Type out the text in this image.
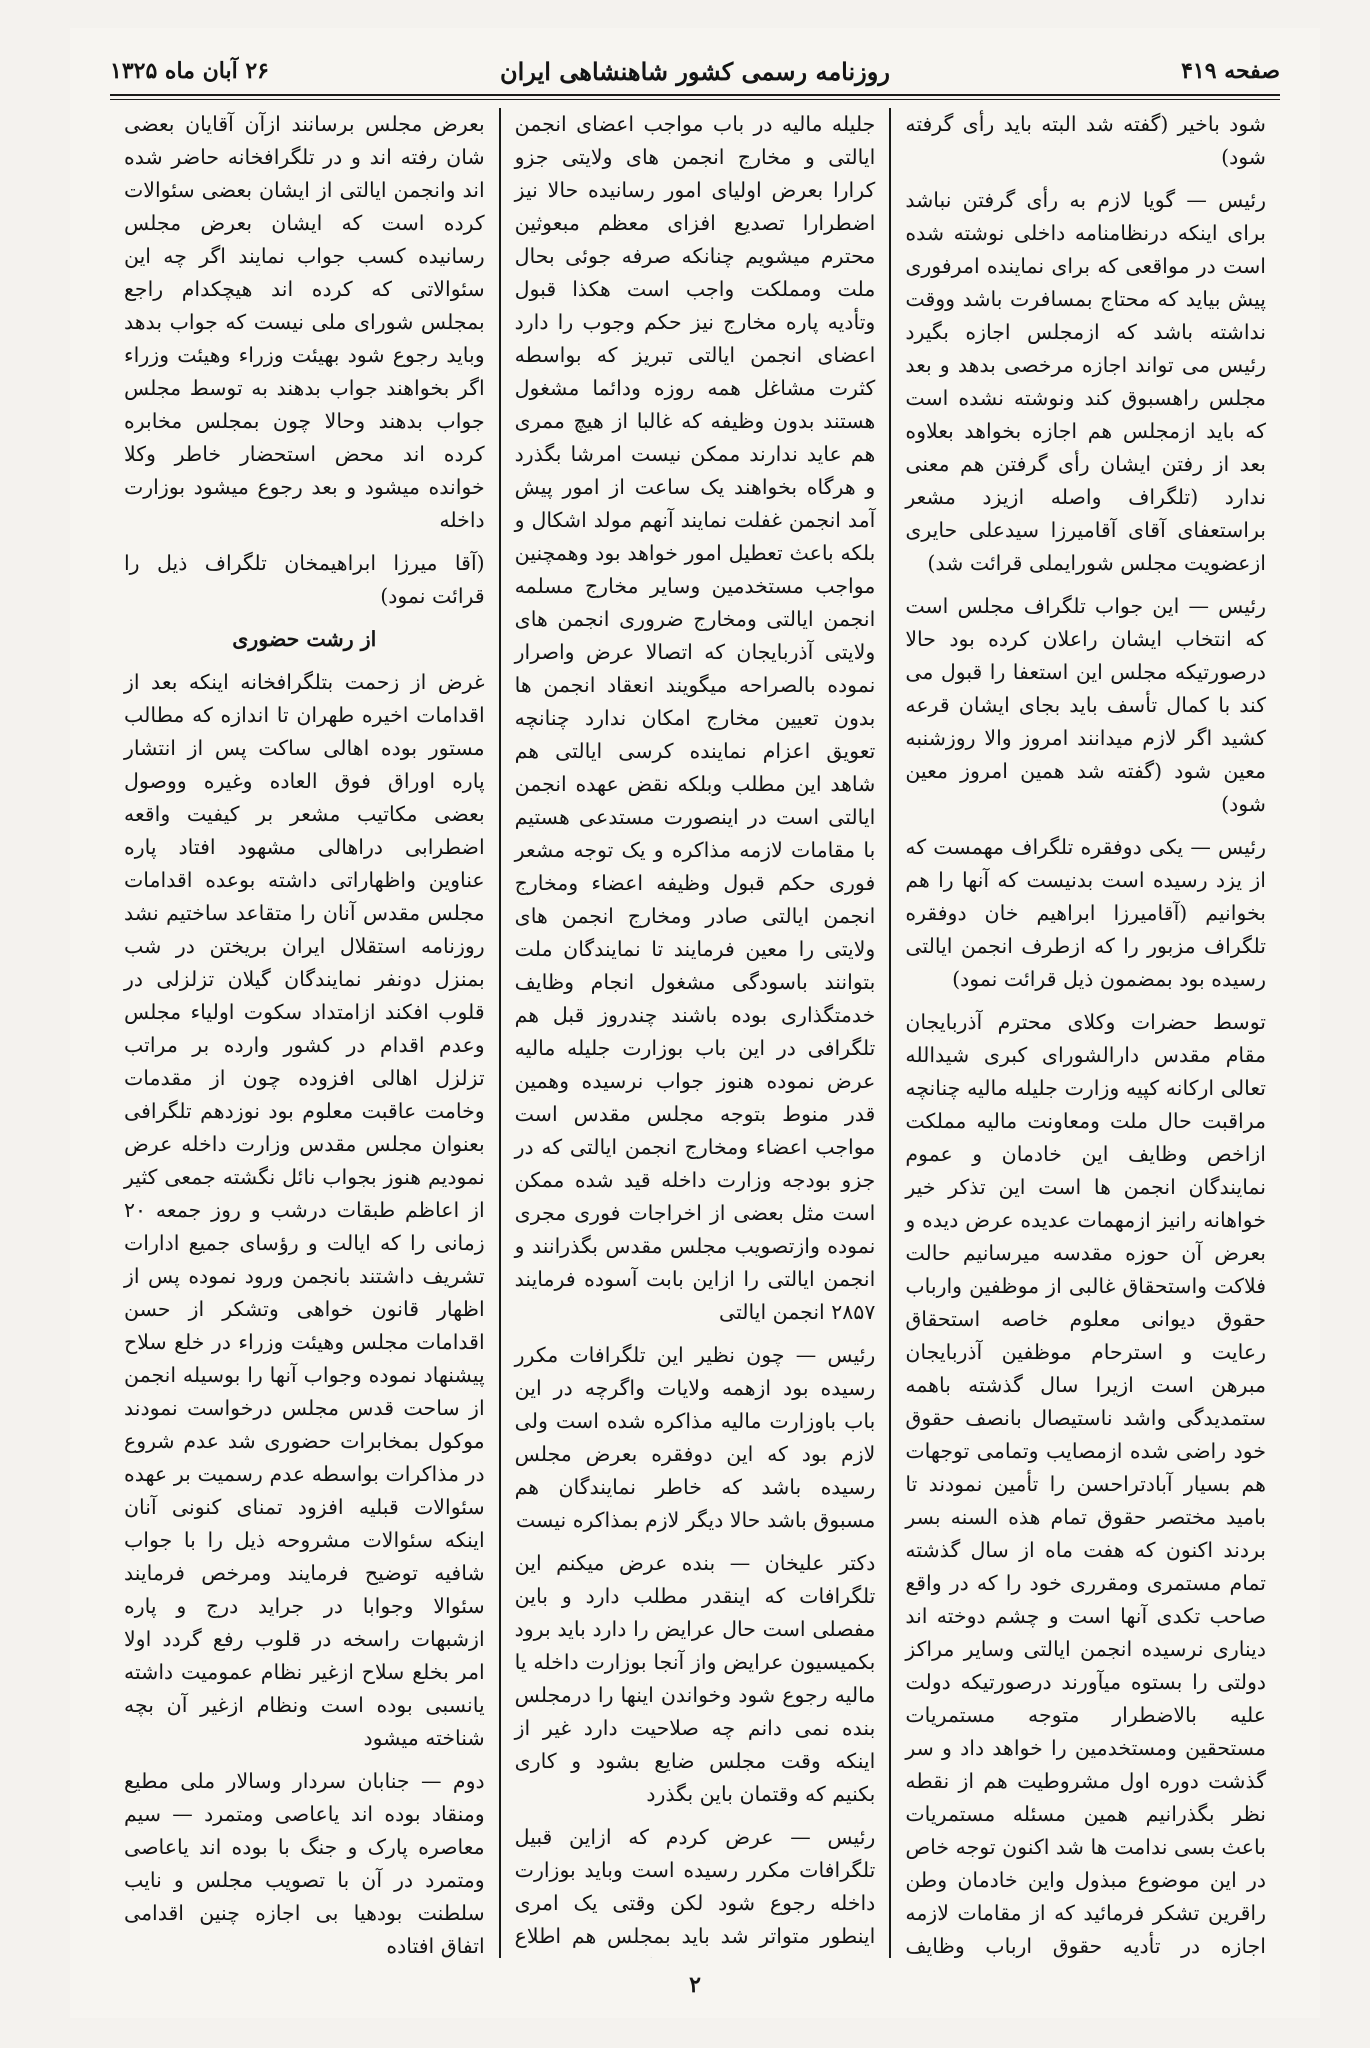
صفحه ۴۱۹
روزنامه رسمی کشور شاهنشاهی ایران
۲۶ آبان ماه ۱۳۲۵

شود باخیر (گفته شد البته باید رأی گرفته شود)

رئیس — گویا لازم به رأی گرفتن نباشد برای اینکه درنظامنامه داخلی نوشته شده است در مواقعی که برای نماینده امرفوری پیش بیاید که محتاج بمسافرت باشد ووقت نداشته باشد که ازمجلس اجازه بگیرد رئیس می تواند اجازه مرخصی بدهد و بعد مجلس راهسبوق کند ونوشته نشده است که باید ازمجلس هم اجازه بخواهد بعلاوه بعد از رفتن ایشان رأی گرفتن هم معنی ندارد (تلگراف واصله ازیزد مشعر براستعفای آقای آقامیرزا سیدعلی حایری ازعضویت مجلس شورایملی قرائت شد)

رئیس — این جواب تلگراف مجلس است که انتخاب ایشان راعلان کرده بود حالا درصورتیکه مجلس این استعفا را قبول می کند با کمال تأسف باید بجای ایشان قرعه کشید اگر لازم میدانند امروز والا روزشنبه معین شود (گفته شد همین امروز معین شود)

رئیس — یکی دوفقره تلگراف مهمست که از یزد رسیده است بدنیست که آنها را هم بخوانیم (آقامیرزا ابراهیم خان دوفقره تلگراف مزبور را که ازطرف انجمن ایالتی رسیده بود بمضمون ذیل قرائت نمود)

توسط حضرات وکلای محترم آذربایجان مقام مقدس دارالشورای کبری شیدالله تعالی ارکانه کپیه وزارت جلیله مالیه چنانچه مراقبت حال ملت ومعاونت مالیه مملکت ازاخص وظایف این خادمان و عموم نمایندگان انجمن ها است این تذکر خیر خواهانه رانیز ازمهمات عدیده عرض دیده و بعرض آن حوزه مقدسه میرسانیم حالت فلاکت واستحقاق غالبی از موظفین وارباب حقوق دیوانی معلوم خاصه استحقاق رعایت و استرحام موظفین آذربایجان مبرهن است ازیرا سال گذشته باهمه ستمدیدگی واشد ناستیصال بانصف حقوق خود راضی شده ازمصایب وتمامی توجهات هم بسیار آبادتراحسن را تأمین نمودند تا بامید مختصر حقوق تمام هذه السنه بسر بردند اکنون که هفت ماه از سال گذشته تمام مستمری ومقرری خود را که در واقع صاحب تکدی آنها است و چشم دوخته اند دیناری نرسیده انجمن ایالتی وسایر مراکز دولتی را بستوه میآورند درصورتیکه دولت علیه بالاضطرار متوجه مستمریات مستحقین ومستخدمین را خواهد داد و سر گذشت دوره اول مشروطیت هم از نقطه نظر بگذرانیم همین مسئله مستمریات باعث بسی ندامت ها شد اکنون توجه خاص در این موضوع مبذول واین خادمان وطن راقرین تشکر فرمائید که از مقامات لازمه اجازه در تأدیه حقوق ارباب وظایف

جلیله مالیه در باب مواجب اعضای انجمن ایالتی و مخارج انجمن های ولایتی جزو کرارا بعرض اولیای امور رسانیده حالا نیز اضطرارا تصدیع افزای معظم مبعوثین محترم میشویم چنانکه صرفه جوئی بحال ملت ومملکت واجب است هکذا قبول وتأدیه پاره مخارج نیز حکم وجوب را دارد اعضای انجمن ایالتی تبریز که بواسطه کثرت مشاغل همه روزه ودائما مشغول هستند بدون وظیفه که غالبا از هیچ ممری هم عاید ندارند ممکن نیست امرشا بگذرد و هرگاه بخواهند یک ساعت از امور پیش آمد انجمن غفلت نمایند آنهم مولد اشکال و بلکه باعث تعطیل امور خواهد بود وهمچنین مواجب مستخدمین وسایر مخارج مسلمه انجمن ایالتی ومخارج ضروری انجمن های ولایتی آذربایجان که اتصالا عرض واصرار نموده بالصراحه میگویند انعقاد انجمن ها بدون تعیین مخارج امکان ندارد چنانچه تعویق اعزام نماینده کرسی ایالتی هم شاهد این مطلب وبلکه نقض عهده انجمن ایالتی است در اینصورت مستدعی هستیم با مقامات لازمه مذاکره و یک توجه مشعر فوری حکم قبول وظیفه اعضاء ومخارج انجمن ایالتی صادر ومخارج انجمن های ولایتی را معین فرمایند تا نمایندگان ملت بتوانند باسودگی مشغول انجام وظایف خدمتگذاری بوده باشند چندروز قبل هم تلگرافی در این باب بوزارت جلیله مالیه عرض نموده هنوز جواب نرسیده وهمین قدر منوط بتوجه مجلس مقدس است مواجب اعضاء ومخارج انجمن ایالتی که در جزو بودجه وزارت داخله قید شده ممکن است مثل بعضی از اخراجات فوری مجری نموده وازتصویب مجلس مقدس بگذرانند و انجمن ایالتی را ازاین بابت آسوده فرمایند ۲۸۵۷ انجمن ایالتی

رئیس — چون نظیر این تلگرافات مکرر رسیده بود ازهمه ولایات واگرچه در این باب باوزارت مالیه مذاکره شده است ولی لازم بود که این دوفقره بعرض مجلس رسیده باشد که خاطر نمایندگان هم مسبوق باشد حالا دیگر لازم بمذاکره نیست

دکتر علیخان — بنده عرض میکنم این تلگرافات که اینقدر مطلب دارد و باین مفصلی است حال عرایض را دارد باید برود بکمیسیون عرایض واز آنجا بوزارت داخله یا مالیه رجوع شود وخواندن اینها را درمجلس بنده نمی دانم چه صلاحیت دارد غیر از اینکه وقت مجلس ضایع بشود و کاری بکنیم که وقتمان باین بگذرد

رئیس — عرض کردم که ازاین قبیل تلگرافات مکرر رسیده است وباید بوزارت داخله رجوع شود لکن وقتی یک امری اینطور متواتر شد باید بمجلس هم اطلاع

بعرض مجلس برسانند ازآن آقایان بعضی شان رفته اند و در تلگرافخانه حاضر شده اند وانجمن ایالتی از ایشان بعضی سئوالات کرده است که ایشان بعرض مجلس رسانیده کسب جواب نمایند اگر چه این سئوالاتی که کرده اند هیچکدام راجع بمجلس شورای ملی نیست که جواب بدهد وباید رجوع شود بهیئت وزراء وهیئت وزراء اگر بخواهند جواب بدهند به توسط مجلس جواب بدهند وحالا چون بمجلس مخابره کرده اند محض استحضار خاطر وکلا خوانده میشود و بعد رجوع میشود بوزارت داخله

(آقا میرزا ابراهیمخان تلگراف ذیل را قرائت نمود)

از رشت حضوری

غرض از زحمت بتلگرافخانه اینکه بعد از اقدامات اخیره طهران تا اندازه که مطالب مستور بوده اهالی ساکت پس از انتشار پاره اوراق فوق العاده وغیره ووصول بعضی مکاتیب مشعر بر کیفیت واقعه اضطرابی دراهالی مشهود افتاد پاره عناوین واظهاراتی داشته بوعده اقدامات مجلس مقدس آنان را متقاعد ساختیم نشد روزنامه استقلال ایران بریختن در شب بمنزل دونفر نمایندگان گیلان تزلزلی در قلوب افکند ازامتداد سکوت اولیاء مجلس وعدم اقدام در کشور وارده بر مراتب تزلزل اهالی افزوده چون از مقدمات وخامت عاقبت معلوم بود نوزدهم تلگرافی بعنوان مجلس مقدس وزارت داخله عرض نمودیم هنوز بجواب نائل نگشته جمعی کثیر از اعاظم طبقات درشب و روز جمعه ۲۰ زمانی را که ایالت و رؤسای جمیع ادارات تشریف داشتند بانجمن ورود نموده پس از اظهار قانون خواهی وتشکر از حسن اقدامات مجلس وهیئت وزراء در خلع سلاح پیشنهاد نموده وجواب آنها را بوسیله انجمن از ساحت قدس مجلس درخواست نمودند موکول بمخابرات حضوری شد عدم شروع در مذاکرات بواسطه عدم رسمیت بر عهده سئوالات قبلیه افزود تمنای کنونی آنان اینکه سئوالات مشروحه ذیل را با جواب شافیه توضیح فرمایند ومرخص فرمایند سئوالا وجوابا در جراید درج و پاره ازشبهات راسخه در قلوب رفع گردد اولا امر بخلع سلاح ازغیر نظام عمومیت داشته یانسبی بوده است ونظام ازغیر آن بچه شناخته میشود

دوم — جنابان سردار وسالار ملی مطیع ومنقاد بوده اند یاعاصی ومتمرد — سیم معاصره پارک و جنگ با بوده اند یاعاصی ومتمرد در آن با تصویب مجلس و نایب سلطنت بودهیا بی اجازه چنین اقدامی اتفاق افتاده

۲
